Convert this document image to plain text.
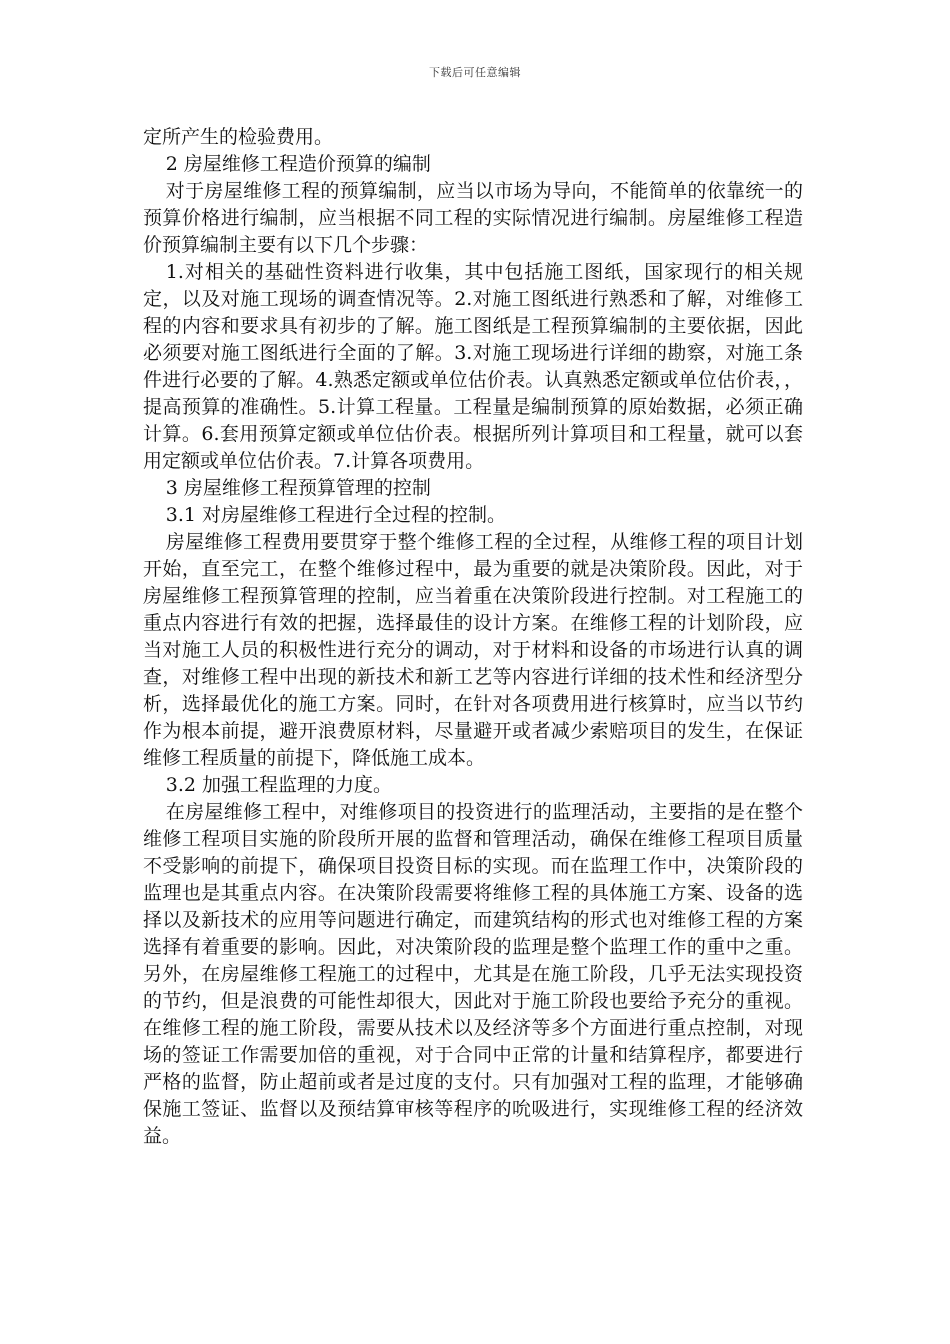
下载后可任意编辑

定所产生的检验费用。

2 房屋维修工程造价预算的编制

对于房屋维修工程的预算编制，应当以市场为导向，不能简单的依靠统一的预算价格进行编制，应当根据不同工程的实际情况进行编制。房屋维修工程造价预算编制主要有以下几个步骤：

1.对相关的基础性资料进行收集，其中包括施工图纸，国家现行的相关规定，以及对施工现场的调查情况等。2.对施工图纸进行熟悉和了解，对维修工程的内容和要求具有初步的了解。施工图纸是工程预算编制的主要依据，因此必须要对施工图纸进行全面的了解。3.对施工现场进行详细的勘察，对施工条件进行必要的了解。4.熟悉定额或单位估价表。认真熟悉定额或单位估价表，，提高预算的准确性。5.计算工程量。工程量是编制预算的原始数据，必须正确计算。6.套用预算定额或单位估价表。根据所列计算项目和工程量，就可以套用定额或单位估价表。7.计算各项费用。

3 房屋维修工程预算管理的控制

3.1 对房屋维修工程进行全过程的控制。

房屋维修工程费用要贯穿于整个维修工程的全过程，从维修工程的项目计划开始，直至完工，在整个维修过程中，最为重要的就是决策阶段。因此，对于房屋维修工程预算管理的控制，应当着重在决策阶段进行控制。对工程施工的重点内容进行有效的把握，选择最佳的设计方案。在维修工程的计划阶段，应当对施工人员的积极性进行充分的调动，对于材料和设备的市场进行认真的调查，对维修工程中出现的新技术和新工艺等内容进行详细的技术性和经济型分析，选择最优化的施工方案。同时，在针对各项费用进行核算时，应当以节约作为根本前提，避开浪费原材料，尽量避开或者减少索赔项目的发生，在保证维修工程质量的前提下，降低施工成本。

3.2 加强工程监理的力度。

在房屋维修工程中，对维修项目的投资进行的监理活动，主要指的是在整个维修工程项目实施的阶段所开展的监督和管理活动，确保在维修工程项目质量不受影响的前提下，确保项目投资目标的实现。而在监理工作中，决策阶段的监理也是其重点内容。在决策阶段需要将维修工程的具体施工方案、设备的选择以及新技术的应用等问题进行确定，而建筑结构的形式也对维修工程的方案选择有着重要的影响。因此，对决策阶段的监理是整个监理工作的重中之重。另外，在房屋维修工程施工的过程中，尤其是在施工阶段，几乎无法实现投资的节约，但是浪费的可能性却很大，因此对于施工阶段也要给予充分的重视。在维修工程的施工阶段，需要从技术以及经济等多个方面进行重点控制，对现场的签证工作需要加倍的重视，对于合同中正常的计量和结算程序，都要进行严格的监督，防止超前或者是过度的支付。只有加强对工程的监理，才能够确保施工签证、监督以及预结算审核等程序的吮吸进行，实现维修工程的经济效益。
